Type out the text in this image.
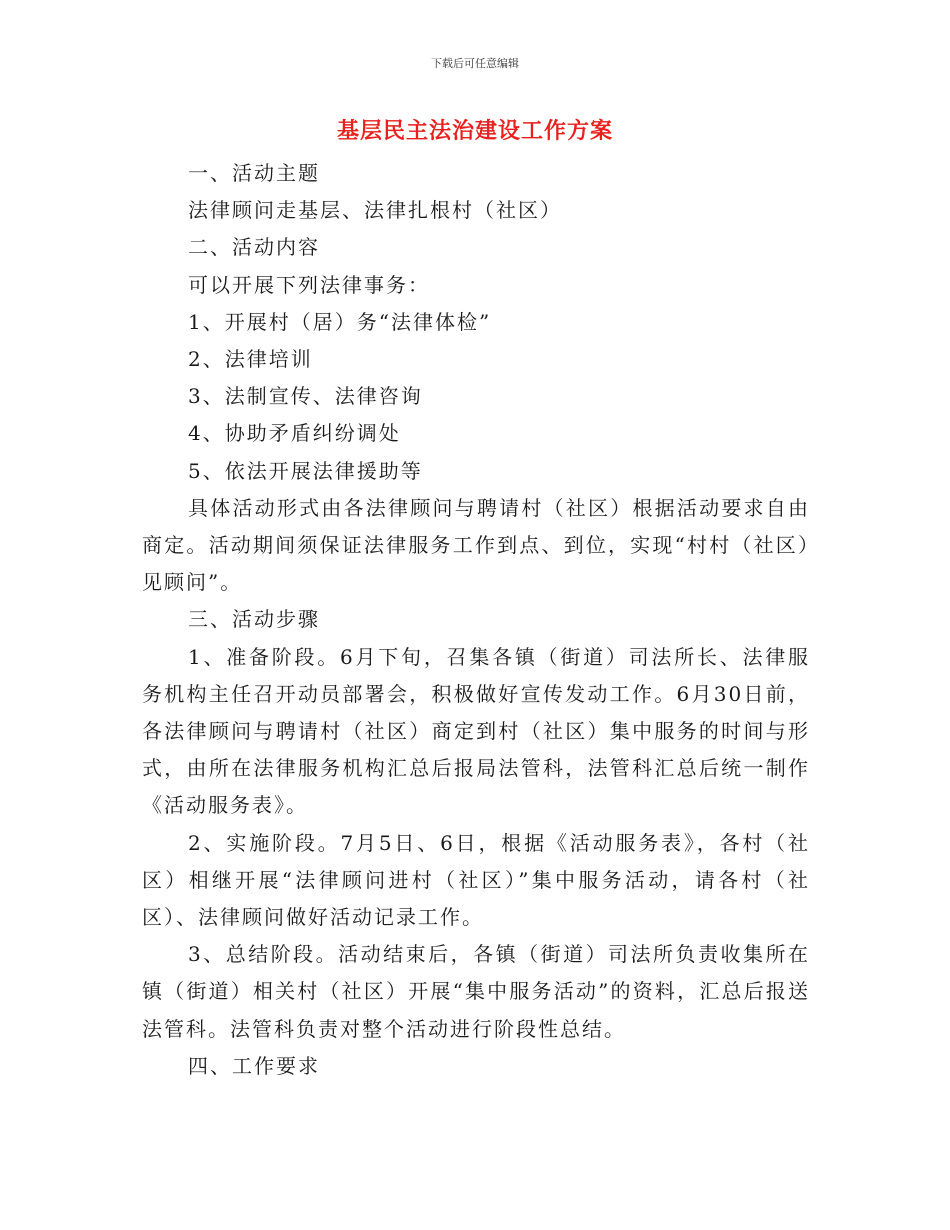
下载后可任意编辑
基层民主法治建设工作方案

一、活动主题

法律顾问走基层、法律扎根村（社区）

二、活动内容

可以开展下列法律事务：

1、开展村（居）务“法律体检”

2、法律培训

3、法制宣传、法律咨询

4、协助矛盾纠纷调处

5、依法开展法律援助等

具体活动形式由各法律顾问与聘请村（社区）根据活动要求自由商定。活动期间须保证法律服务工作到点、到位，实现“村村（社区）见顾问”。

三、活动步骤

1、准备阶段。6月下旬，召集各镇（街道）司法所长、法律服务机构主任召开动员部署会，积极做好宣传发动工作。6月30日前，各法律顾问与聘请村（社区）商定到村（社区）集中服务的时间与形式，由所在法律服务机构汇总后报局法管科，法管科汇总后统一制作《活动服务表》。

2、实施阶段。7月5日、6日，根据《活动服务表》，各村（社区）相继开展“法律顾问进村（社区）”集中服务活动，请各村（社区）、法律顾问做好活动记录工作。

3、总结阶段。活动结束后，各镇（街道）司法所负责收集所在镇（街道）相关村（社区）开展“集中服务活动”的资料，汇总后报送法管科。法管科负责对整个活动进行阶段性总结。

四、工作要求
